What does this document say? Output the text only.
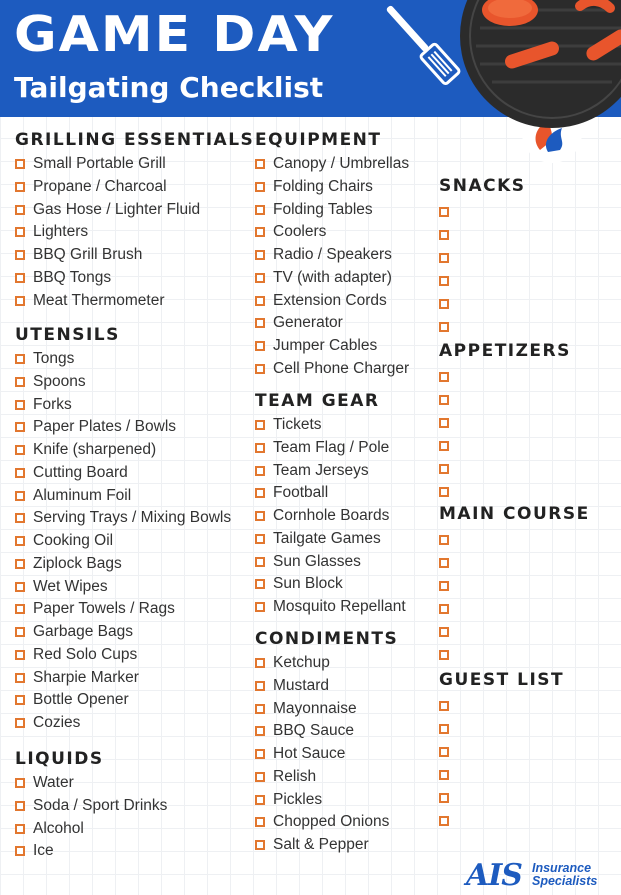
GAME DAY
Tailgating Checklist
GRILLING ESSENTIALS
Small Portable Grill
Propane / Charcoal
Gas Hose / Lighter Fluid
Lighters
BBQ Grill Brush
BBQ Tongs
Meat Thermometer
UTENSILS
Tongs
Spoons
Forks
Paper Plates / Bowls
Knife (sharpened)
Cutting Board
Aluminum Foil
Serving Trays / Mixing Bowls
Cooking Oil
Ziplock Bags
Wet Wipes
Paper Towels / Rags
Garbage Bags
Red Solo Cups
Sharpie Marker
Bottle Opener
Cozies
LIQUIDS
Water
Soda / Sport Drinks
Alcohol
Ice
EQUIPMENT
Canopy / Umbrellas
Folding Chairs
Folding Tables
Coolers
Radio / Speakers
TV (with adapter)
Extension Cords
Generator
Jumper Cables
Cell Phone Charger
TEAM GEAR
Tickets
Team Flag / Pole
Team Jerseys
Football
Cornhole Boards
Tailgate Games
Sun Glasses
Sun Block
Mosquito Repellant
CONDIMENTS
Ketchup
Mustard
Mayonnaise
BBQ Sauce
Hot Sauce
Relish
Pickles
Chopped Onions
Salt & Pepper
SNACKS
APPETIZERS
MAIN COURSE
GUEST LIST
AIS Insurance
Specialists
